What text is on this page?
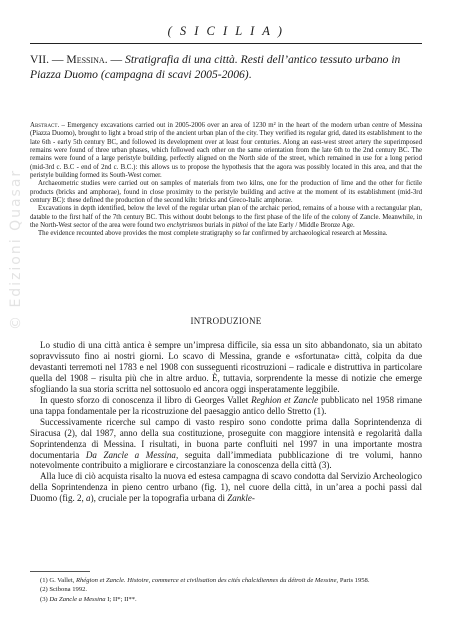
( S I C I L I A )
VII. — Messina. — Stratigrafia di una città. Resti dell’antico tessuto urbano in Piazza Duomo (campagna di scavi 2005-2006).

Abstract. – Emergency excavations carried out in 2005-2006 over an area of 1230 m² in the heart of the modern urban centre of Messina (Piazza Duomo), brought to light a broad strip of the ancient urban plan of the city. They verified its regular grid, dated its establishment to the late 6th - early 5th century BC, and followed its development over at least four centuries. Along an east-west street artery the superimposed remains were found of three urban phases, which followed each other on the same orientation from the late 6th to the 2nd century BC. The remains were found of a large peristyle building, perfectly aligned on the North side of the street, which remained in use for a long period (mid-3rd c. B.C - end of 2nd c. B.C.): this allows us to propose the hypothesis that the agora was possibly located in this area, and that the peristyle building formed its South-West corner.

Archaeometric studies were carried out on samples of materials from two kilns, one for the production of lime and the other for fictile products (bricks and amphorae), found in close proximity to the peristyle building and active at the moment of its establishment (mid-3rd century BC): these defined the production of the second kiln: bricks and Greco-Italic amphorae.

Excavations in depth identified, below the level of the regular urban plan of the archaic period, remains of a house with a rectangular plan, datable to the first half of the 7th century BC. This without doubt belongs to the first phase of the life of the colony of Zancle. Meanwhile, in the North-West sector of the area were found two enchytrismos burials in pithoi of the late Early / Middle Bronze Age.

The evidence recounted above provides the most complete stratigraphy so far confirmed by archaeological research at Messina.

INTRODUZIONE

Lo studio di una città antica è sempre un’impresa difficile, sia essa un sito abbandonato, sia un abitato sopravvissuto fino ai nostri giorni. Lo scavo di Messina, grande e «sfortunata» città, colpita da due devastanti terremoti nel 1783 e nel 1908 con susseguenti ricostruzioni – radicale e distruttiva in particolare quella del 1908 – risulta più che in altre arduo. È, tuttavia, sorprendente la messe di notizie che emerge sfogliando la sua storia scritta nel sottosuolo ed ancora oggi insperatamente leggibile.

In questo sforzo di conoscenza il libro di Georges Vallet Reghion et Zancle pubblicato nel 1958 rimane una tappa fondamentale per la ricostruzione del paesaggio antico dello Stretto (1).

Successivamente ricerche sul campo di vasto respiro sono condotte prima dalla Soprintendenza di Siracusa (2), dal 1987, anno della sua costituzione, proseguite con maggiore intensità e regolarità dalla Soprintendenza di Messina. I risultati, in buona parte confluiti nel 1997 in una importante mostra documentaria Da Zancle a Messina, seguita dall’immediata pubblicazione di tre volumi, hanno notevolmente contribuito a migliorare e circostanziare la conoscenza della città (3).

Alla luce di ciò acquista risalto la nuova ed estesa campagna di scavo condotta dal Servizio Archeologico della Soprintendenza in pieno centro urbano (fig. 1), nel cuore della città, in un’area a pochi passi dal Duomo (fig. 2, a), cruciale per la topografia urbana di Zankle-

(1) G. Vallet, Rhégion et Zancle. Histoire, commerce et civilisation des cités chalcidiennes du détroit de Messine, Paris 1958.

(2) Scibona 1992.

(3) Da Zancle a Messina I; II*; II**.

© Edizioni Quasar
